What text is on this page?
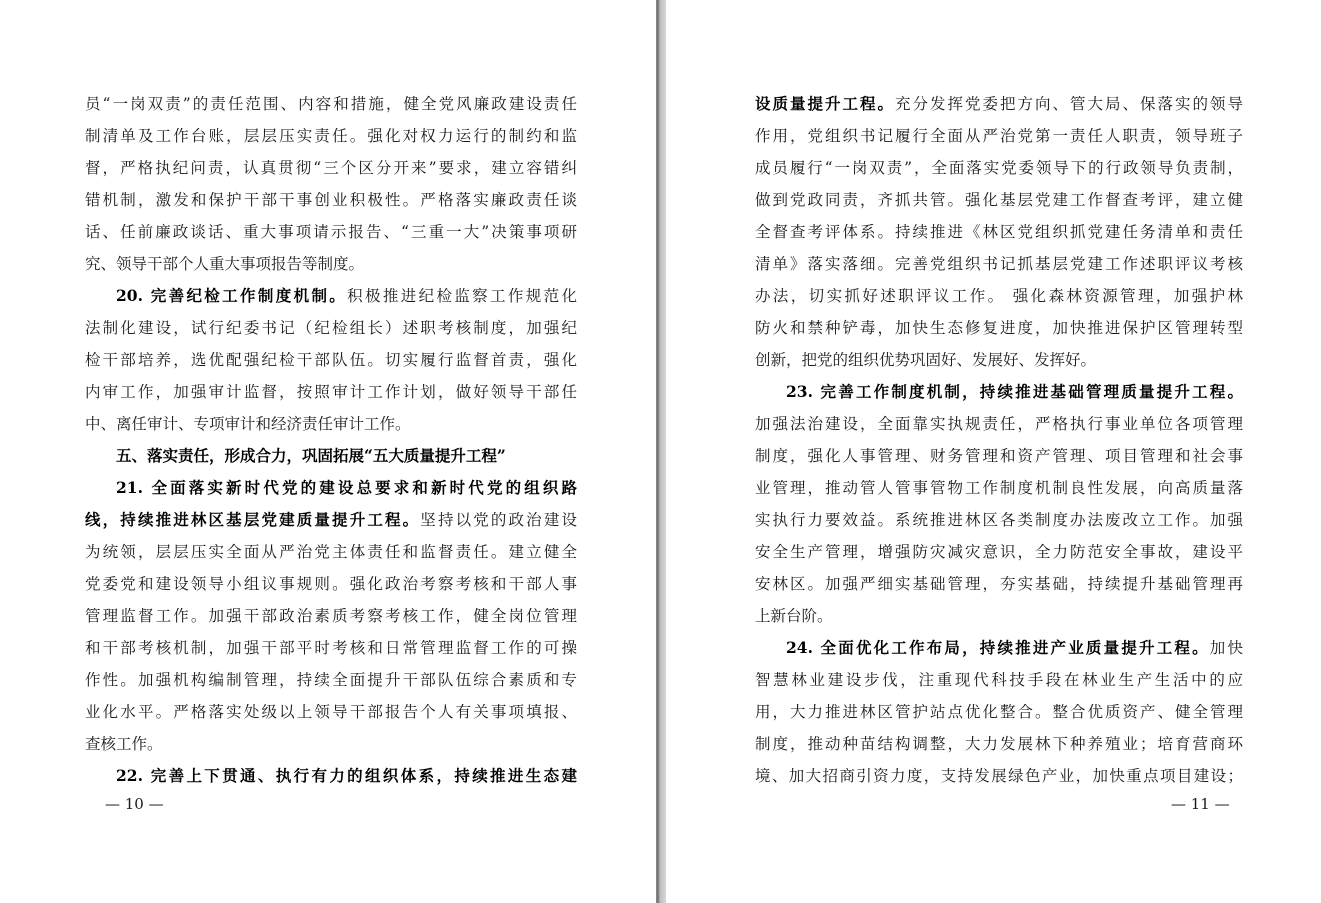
员“一岗双责”的责任范围、内容和措施，健全党风廉政建设责任
制清单及工作台账，层层压实责任。强化对权力运行的制约和监
督，严格执纪问责，认真贯彻“三个区分开来”要求，建立容错纠
错机制，激发和保护干部干事创业积极性。严格落实廉政责任谈
话、任前廉政谈话、重大事项请示报告、“三重一大”决策事项研
究、领导干部个人重大事项报告等制度。
20. 完善纪检工作制度机制。积极推进纪检监察工作规范化
法制化建设，试行纪委书记（纪检组长）述职考核制度，加强纪
检干部培养，选优配强纪检干部队伍。切实履行监督首责，强化
内审工作，加强审计监督，按照审计工作计划，做好领导干部任
中、离任审计、专项审计和经济责任审计工作。
五、落实责任，形成合力，巩固拓展“五大质量提升工程”
21. 全面落实新时代党的建设总要求和新时代党的组织路
线，持续推进林区基层党建质量提升工程。坚持以党的政治建设
为统领，层层压实全面从严治党主体责任和监督责任。建立健全
党委党和建设领导小组议事规则。强化政治考察考核和干部人事
管理监督工作。加强干部政治素质考察考核工作，健全岗位管理
和干部考核机制，加强干部平时考核和日常管理监督工作的可操
作性。加强机构编制管理，持续全面提升干部队伍综合素质和专
业化水平。严格落实处级以上领导干部报告个人有关事项填报、
查核工作。
22. 完善上下贯通、执行有力的组织体系，持续推进生态建
— 10 —
设质量提升工程。充分发挥党委把方向、管大局、保落实的领导
作用，党组织书记履行全面从严治党第一责任人职责，领导班子
成员履行“一岗双责”，全面落实党委领导下的行政领导负责制，
做到党政同责，齐抓共管。强化基层党建工作督查考评，建立健
全督查考评体系。持续推进《林区党组织抓党建任务清单和责任
清单》落实落细。完善党组织书记抓基层党建工作述职评议考核
办法，切实抓好述职评议工作。 强化森林资源管理，加强护林
防火和禁种铲毒，加快生态修复进度，加快推进保护区管理转型
创新，把党的组织优势巩固好、发展好、发挥好。
23. 完善工作制度机制，持续推进基础管理质量提升工程。
加强法治建设，全面靠实执规责任，严格执行事业单位各项管理
制度，强化人事管理、财务管理和资产管理、项目管理和社会事
业管理，推动管人管事管物工作制度机制良性发展，向高质量落
实执行力要效益。系统推进林区各类制度办法废改立工作。加强
安全生产管理，增强防灾减灾意识，全力防范安全事故，建设平
安林区。加强严细实基础管理，夯实基础，持续提升基础管理再
上新台阶。
24. 全面优化工作布局，持续推进产业质量提升工程。加快
智慧林业建设步伐，注重现代科技手段在林业生产生活中的应
用，大力推进林区管护站点优化整合。整合优质资产、健全管理
制度，推动种苗结构调整，大力发展林下种养殖业；培育营商环
境、加大招商引资力度，支持发展绿色产业，加快重点项目建设；
— 11 —
